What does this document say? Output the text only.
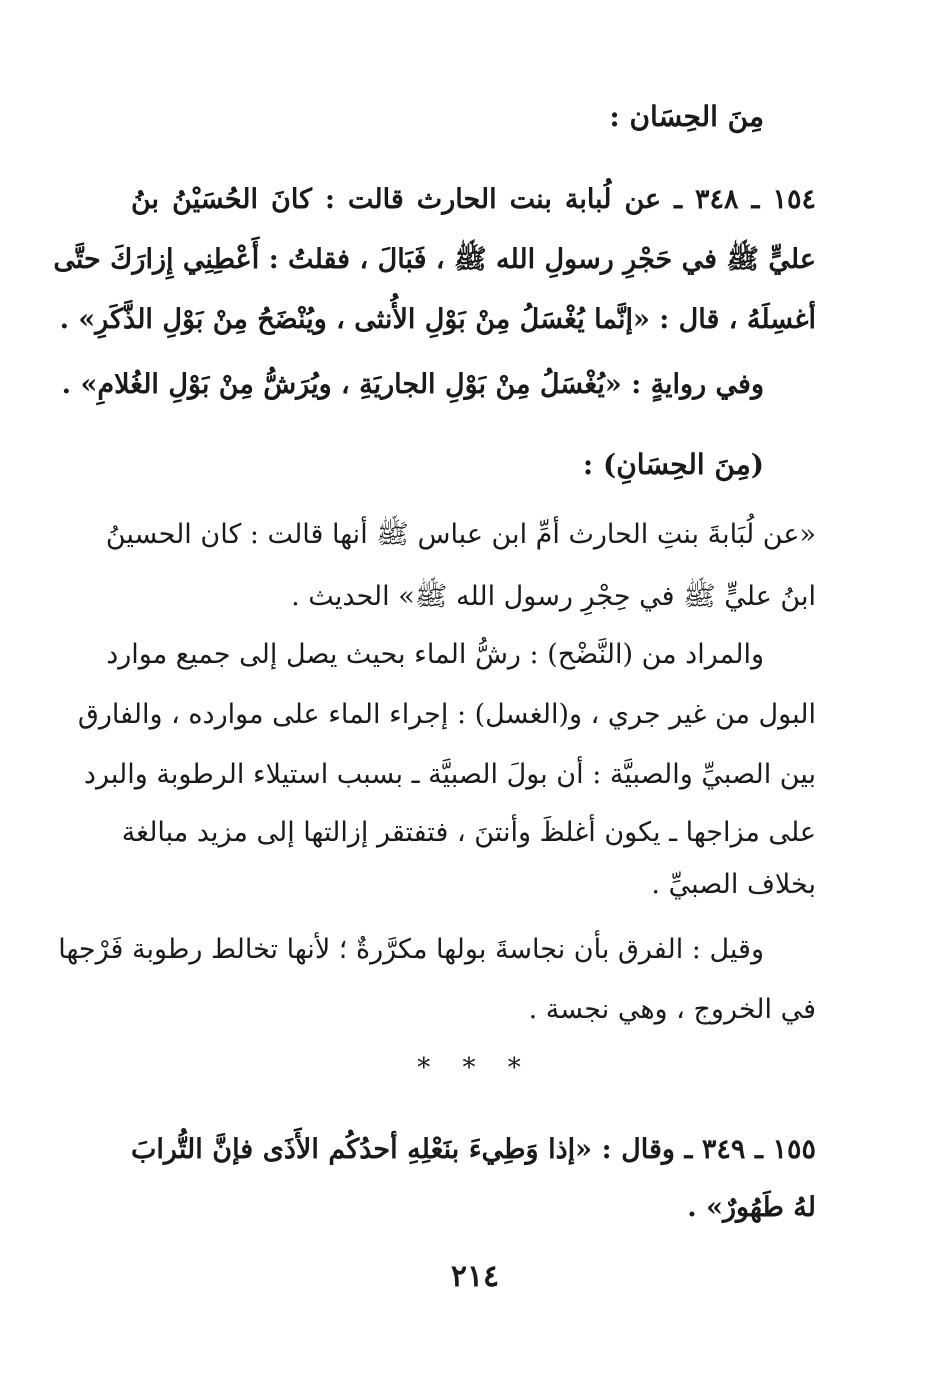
مِنَ الحِسَان :
١٥٤ ـ ٣٤٨ ـ عن لُبابة بنت الحارث قالت : كانَ الحُسَيْنُ بنُ
عليٍّ ﷺ في حَجْرِ رسولِ الله ﷺ ، فَبَالَ ، فقلتُ : أَعْطِنِي إِزارَكَ حتَّى
أغسِلَهُ ، قال : «إنَّما يُغْسَلُ مِنْ بَوْلِ الأُنثى ، ويُنْضَحُ مِنْ بَوْلِ الذَّكَرِ» .
وفي روايةٍ : «يُغْسَلُ مِنْ بَوْلِ الجاريَةِ ، ويُرَشُّ مِنْ بَوْلِ الغُلامِ» .
(مِنَ الحِسَانِ) :
«عن لُبَابةَ بنتِ الحارث أمِّ ابن عباس ﷺ أنها قالت : كان الحسينُ
ابنُ عليٍّ ﷺ في حِجْرِ رسول الله ﷺ» الحديث .
والمراد من (النَّضْح) : رشُّ الماء بحيث يصل إلى جميع موارد
البول من غير جري ، و(الغسل) : إجراء الماء على موارده ، والفارق
بين الصبيِّ والصبيَّة : أن بولَ الصبيَّة ـ بسبب استيلاء الرطوبة والبرد
على مزاجها ـ يكون أغلظَ وأنتنَ ، فتفتقر إزالتها إلى مزيد مبالغة
بخلاف الصبيِّ .
وقيل : الفرق بأن نجاسةَ بولها مكرَّرةٌ ؛ لأنها تخالط رطوبة فَرْجها
في الخروج ، وهي نجسة .
* * *
١٥٥ ـ ٣٤٩ ـ وقال : «إذا وَطِيءَ بنَعْلِهِ أحدُكُم الأَذَى فإنَّ التُّرابَ
لهُ طَهُورٌ» .
٢١٤
